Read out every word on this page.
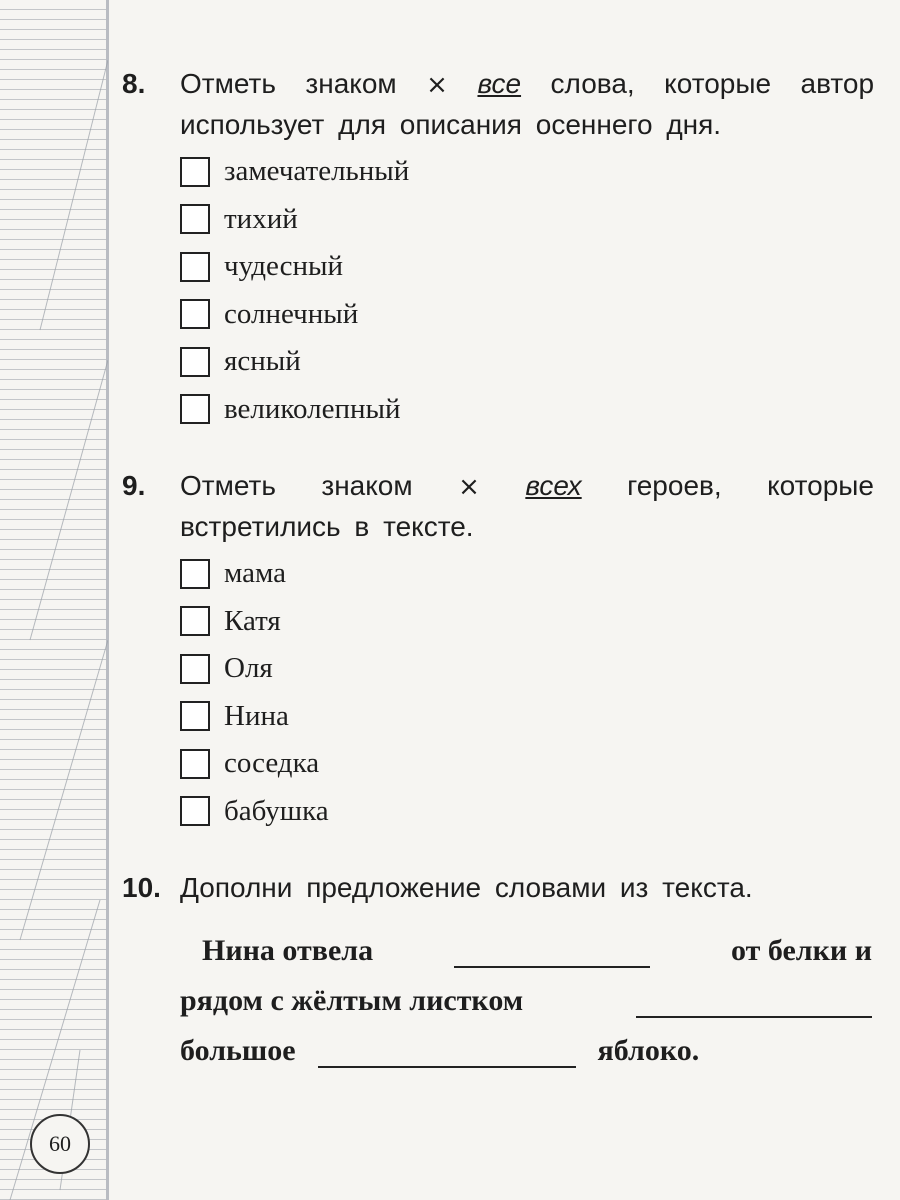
8. Отметь знаком × все слова, которые автор использует для описания осеннего дня.
замечательный
тихий
чудесный
солнечный
ясный
великолепный
9. Отметь знаком × всех героев, которые встретились в тексте.
мама
Катя
Оля
Нина
соседка
бабушка
10. Дополни предложение словами из текста.
Нина отвела	от белки и
рядом с жёлтым листком
большое	яблоко.
60
